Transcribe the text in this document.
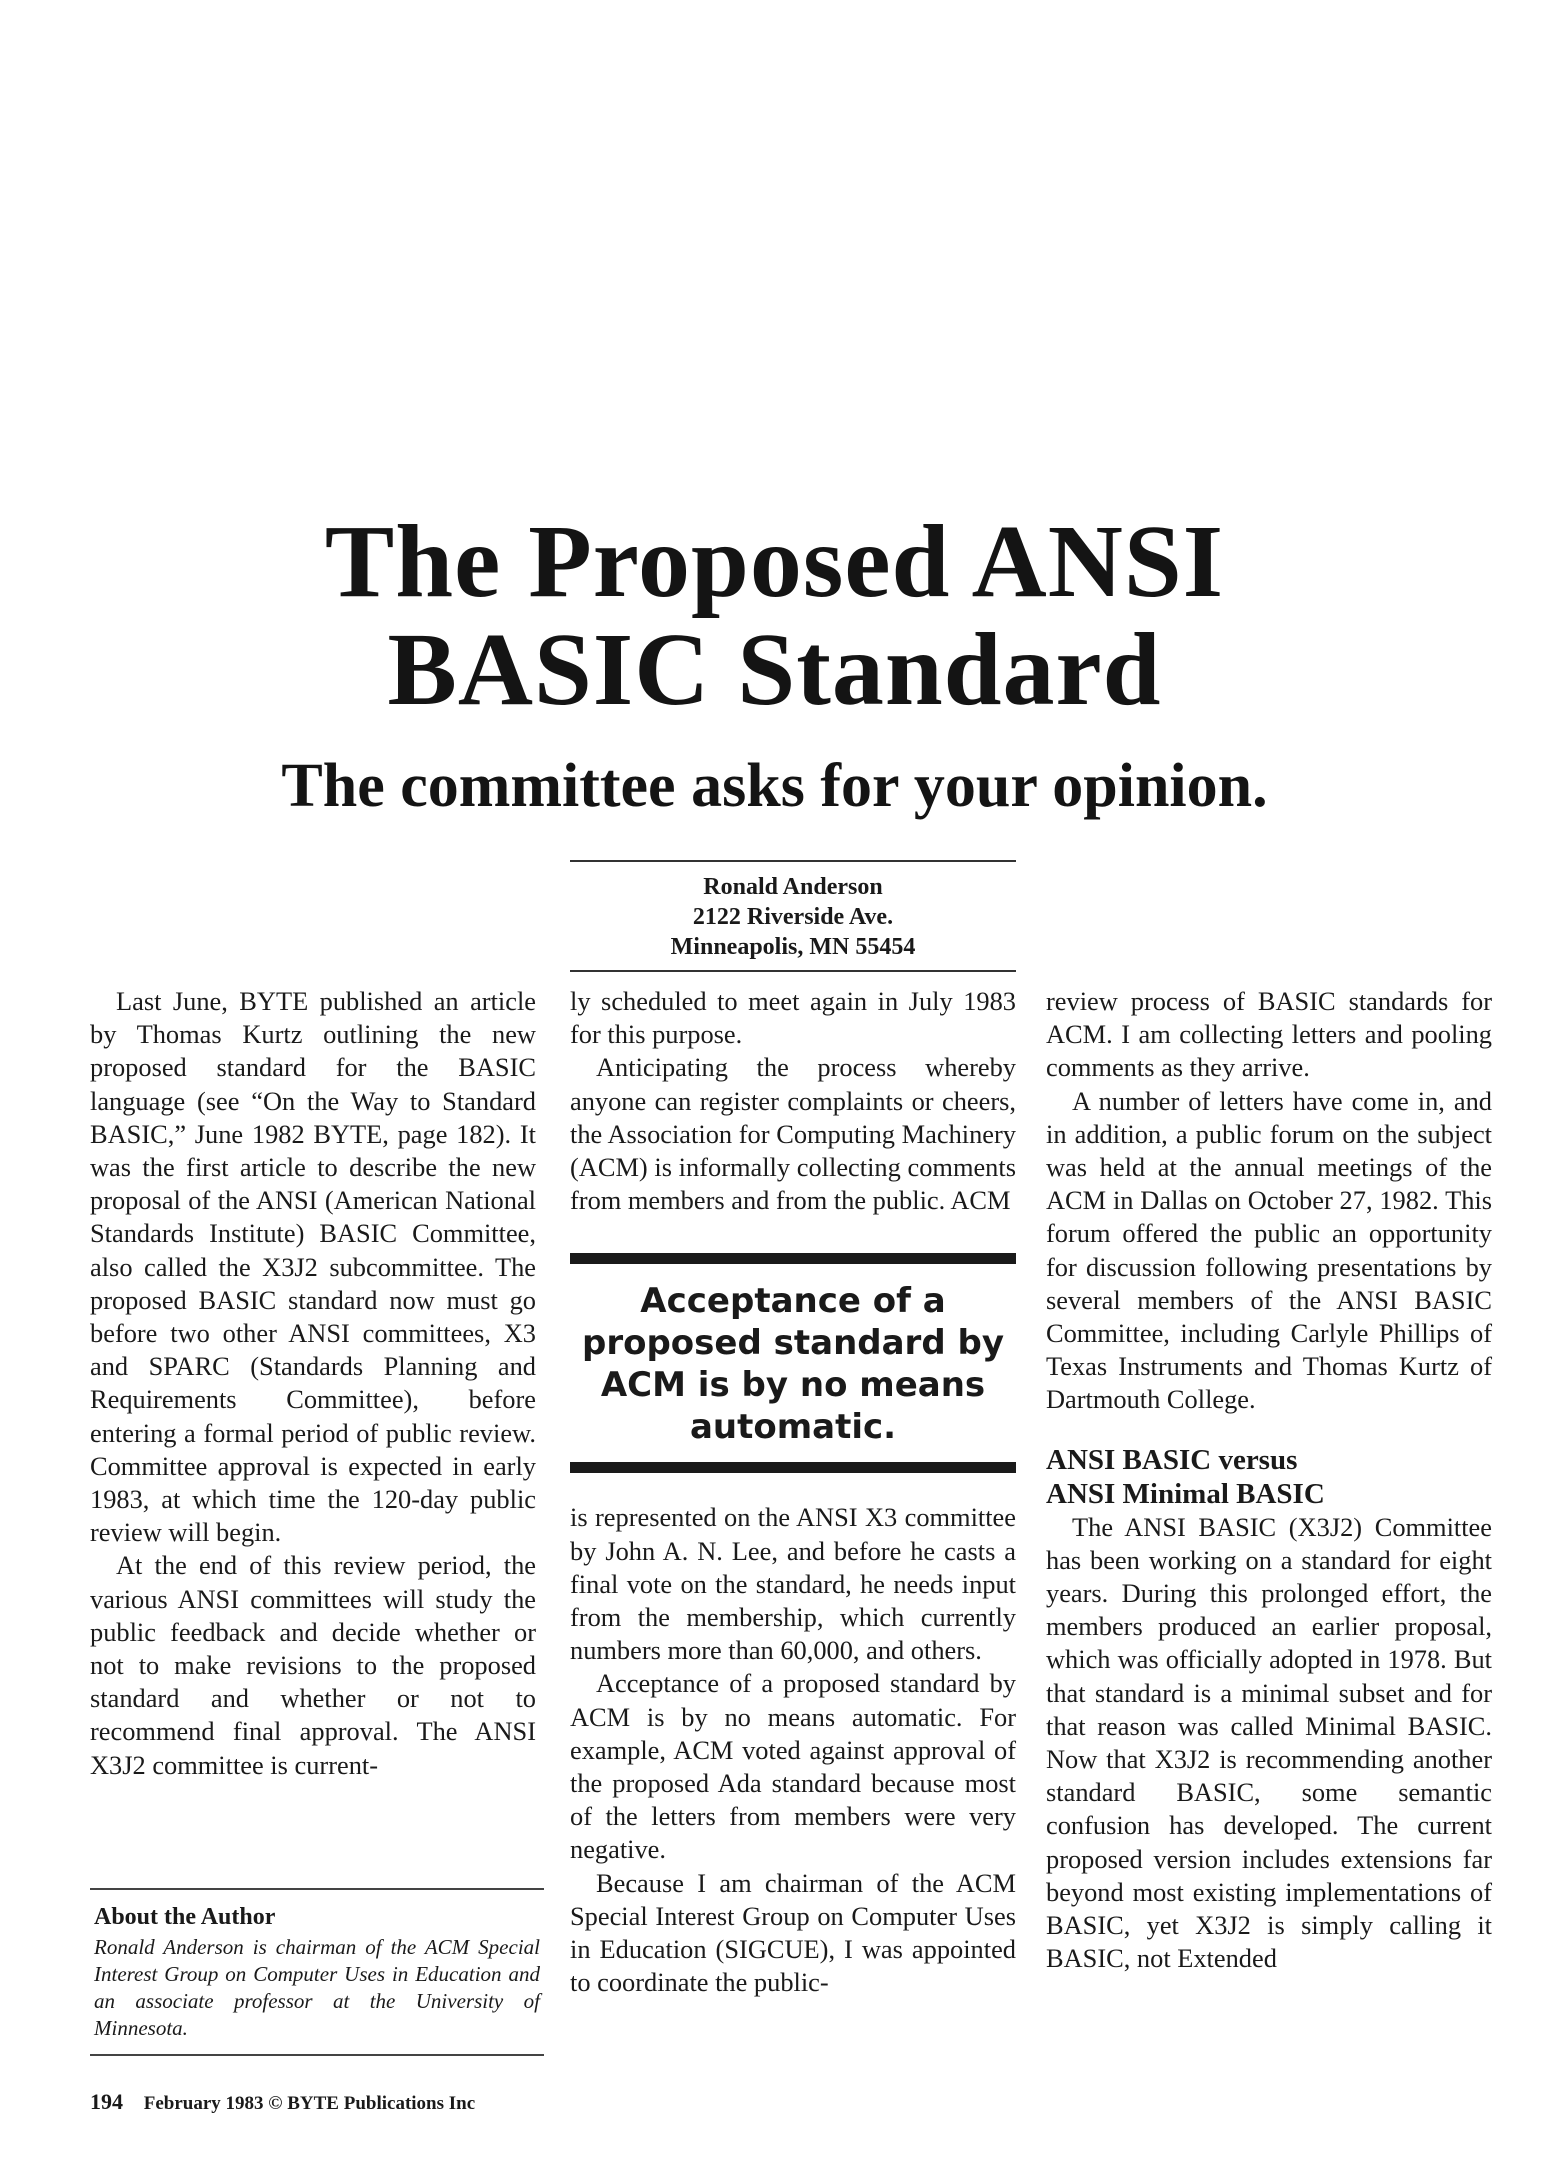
The Proposed ANSI
BASIC Standard
The committee asks for your opinion.
Ronald Anderson
2122 Riverside Ave.
Minneapolis, MN 55454

Last June, BYTE published an article by Thomas Kurtz outlining the new proposed standard for the BASIC language (see “On the Way to Standard BASIC,” June 1982 BYTE, page 182). It was the first article to describe the new proposal of the ANSI (American National Standards Institute) BASIC Committee, also called the X3J2 subcommittee. The proposed BASIC standard now must go before two other ANSI committees, X3 and SPARC (Standards Planning and Requirements Committee), before entering a formal period of public review. Committee approval is expected in early 1983, at which time the 120-day public review will begin.

At the end of this review period, the various ANSI committees will study the public feedback and decide whether or not to make revisions to the proposed standard and whether or not to recommend final approval. The ANSI X3J2 committee is current-

About the Author
Ronald Anderson is chairman of the ACM Special Interest Group on Computer Uses in Education and an associate professor at the University of Minnesota.

ly scheduled to meet again in July 1983 for this purpose.

Anticipating the process whereby anyone can register complaints or cheers, the Association for Computing Machinery (ACM) is informally collecting comments from members and from the public. ACM

Acceptance of a proposed standard by ACM is by no means automatic.

is represented on the ANSI X3 committee by John A. N. Lee, and before he casts a final vote on the standard, he needs input from the membership, which currently numbers more than 60,000, and others.

Acceptance of a proposed standard by ACM is by no means automatic. For example, ACM voted against approval of the proposed Ada standard because most of the letters from members were very negative.

Because I am chairman of the ACM Special Interest Group on Computer Uses in Education (SIGCUE), I was appointed to coordinate the public-

review process of BASIC standards for ACM. I am collecting letters and pooling comments as they arrive.

A number of letters have come in, and in addition, a public forum on the subject was held at the annual meetings of the ACM in Dallas on October 27, 1982. This forum offered the public an opportunity for discussion following presentations by several members of the ANSI BASIC Committee, including Carlyle Phillips of Texas Instruments and Thomas Kurtz of Dartmouth College.

ANSI BASIC versus
ANSI Minimal BASIC

The ANSI BASIC (X3J2) Committee has been working on a standard for eight years. During this prolonged effort, the members produced an earlier proposal, which was officially adopted in 1978. But that standard is a minimal subset and for that reason was called Minimal BASIC. Now that X3J2 is recommending another standard BASIC, some semantic confusion has developed. The current proposed version includes extensions far beyond most existing implementations of BASIC, yet X3J2 is simply calling it BASIC, not Extended

194 February 1983 © BYTE Publications Inc
